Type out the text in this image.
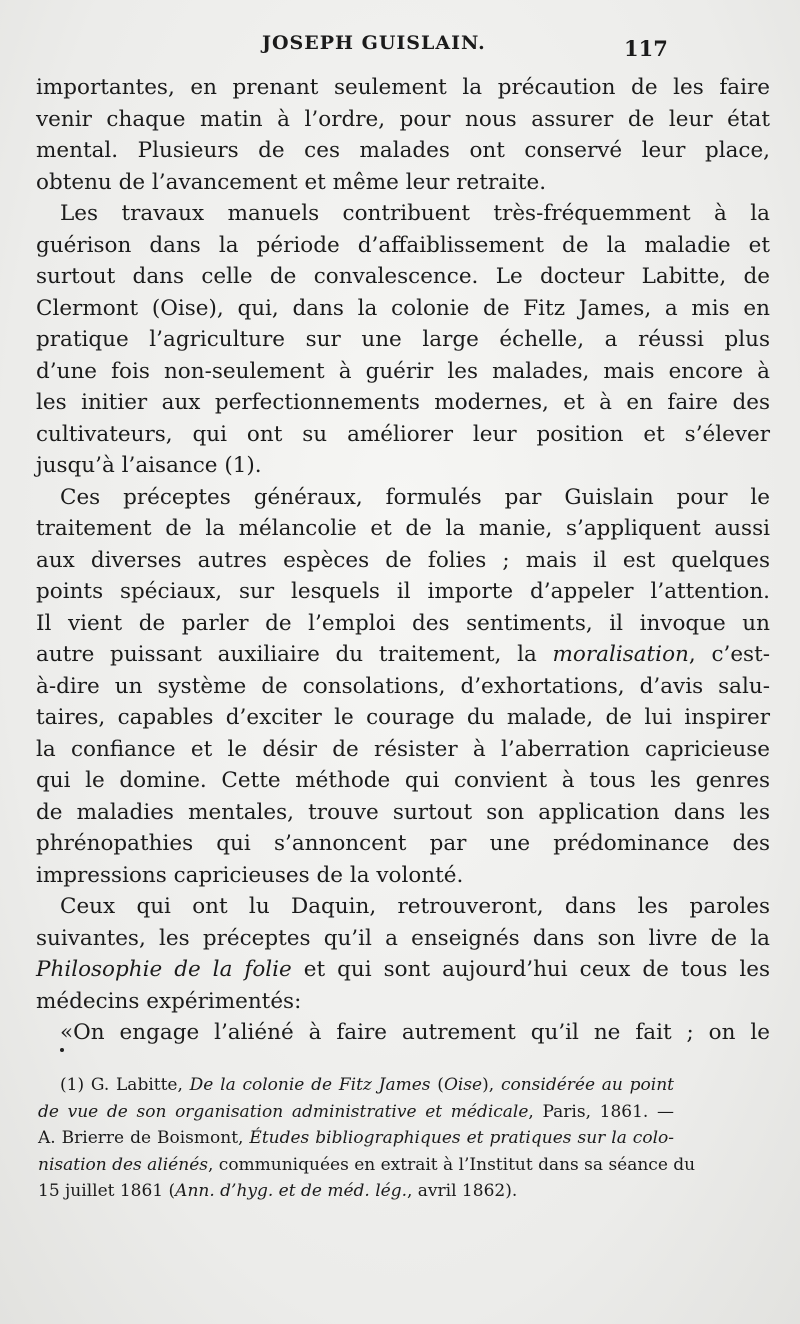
JOSEPH GUISLAIN.	117
importantes, en prenant seulement la précaution de les faire
venir chaque matin à l’ordre, pour nous assurer de leur état
mental. Plusieurs de ces malades ont conservé leur place,
obtenu de l’avancement et même leur retraite.
Les travaux manuels contribuent très-fréquemment à la
guérison dans la période d’affaiblissement de la maladie et
surtout dans celle de convalescence. Le docteur Labitte, de
Clermont (Oise), qui, dans la colonie de Fitz James, a mis en
pratique l’agriculture sur une large échelle, a réussi plus
d’une fois non-seulement à guérir les malades, mais encore à
les initier aux perfectionnements modernes, et à en faire des
cultivateurs, qui ont su améliorer leur position et s’élever
jusqu’à l’aisance (1).
Ces préceptes généraux, formulés par Guislain pour le
traitement de la mélancolie et de la manie, s’appliquent aussi
aux diverses autres espèces de folies ; mais il est quelques
points spéciaux, sur lesquels il importe d’appeler l’attention.
Il vient de parler de l’emploi des sentiments, il invoque un
autre puissant auxiliaire du traitement, la moralisation, c’est-
à-dire un système de consolations, d’exhortations, d’avis salu-
taires, capables d’exciter le courage du malade, de lui inspirer
la confiance et le désir de résister à l’aberration capricieuse
qui le domine. Cette méthode qui convient à tous les genres
de maladies mentales, trouve surtout son application dans les
phrénopathies qui s’annoncent par une prédominance des
impressions capricieuses de la volonté.
Ceux qui ont lu Daquin, retrouveront, dans les paroles
suivantes, les préceptes qu’il a enseignés dans son livre de la
Philosophie de la folie et qui sont aujourd’hui ceux de tous les
médecins expérimentés:
«On engage l’aliéné à faire autrement qu’il ne fait ; on le
(1) G. Labitte, De la colonie de Fitz James (Oise), considérée au point
de vue de son organisation administrative et médicale, Paris, 1861. —
A. Brierre de Boismont, Études bibliographiques et pratiques sur la colo-
nisation des aliénés, communiquées en extrait à l’Institut dans sa séance du
15 juillet 1861 (Ann. d’hyg. et de méd. lég., avril 1862).
